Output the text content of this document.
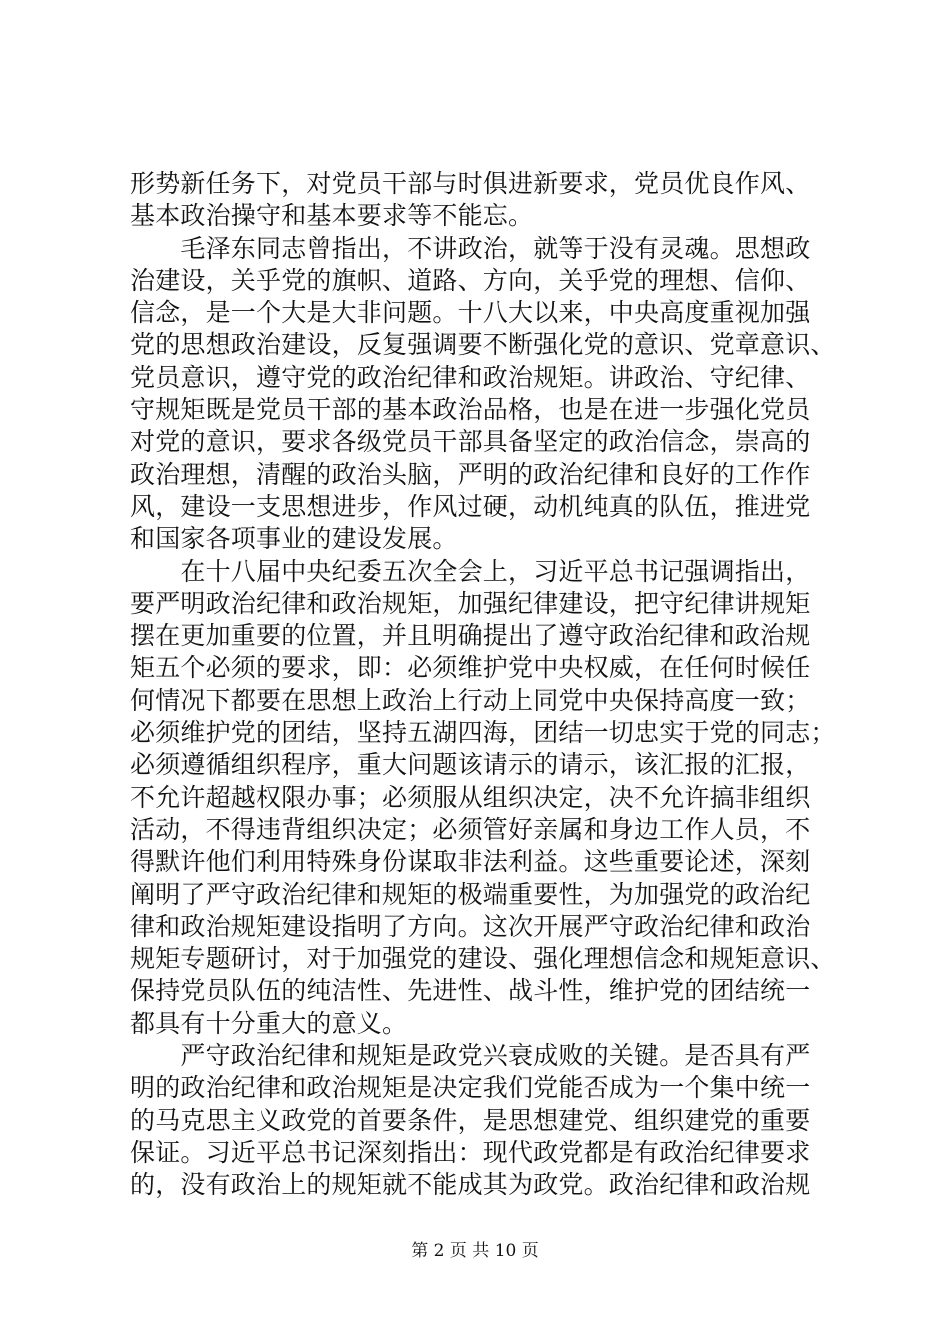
形势新任务下，对党员干部与时俱进新要求，党员优良作风、
基本政治操守和基本要求等不能忘。
　　毛泽东同志曾指出，不讲政治，就等于没有灵魂。思想政
治建设，关乎党的旗帜、道路、方向，关乎党的理想、信仰、
信念，是一个大是大非问题。十八大以来，中央高度重视加强
党的思想政治建设，反复强调要不断强化党的意识、党章意识、
党员意识，遵守党的政治纪律和政治规矩。讲政治、守纪律、
守规矩既是党员干部的基本政治品格，也是在进一步强化党员
对党的意识，要求各级党员干部具备坚定的政治信念，崇高的
政治理想，清醒的政治头脑，严明的政治纪律和良好的工作作
风，建设一支思想进步，作风过硬，动机纯真的队伍，推进党
和国家各项事业的建设发展。
　　在十八届中央纪委五次全会上，习近平总书记强调指出，
要严明政治纪律和政治规矩，加强纪律建设，把守纪律讲规矩
摆在更加重要的位置，并且明确提出了遵守政治纪律和政治规
矩五个必须的要求，即：必须维护党中央权威，在任何时候任
何情况下都要在思想上政治上行动上同党中央保持高度一致；
必须维护党的团结，坚持五湖四海，团结一切忠实于党的同志；
必须遵循组织程序，重大问题该请示的请示，该汇报的汇报，
不允许超越权限办事；必须服从组织决定，决不允许搞非组织
活动，不得违背组织决定；必须管好亲属和身边工作人员，不
得默许他们利用特殊身份谋取非法利益。这些重要论述，深刻
阐明了严守政治纪律和规矩的极端重要性，为加强党的政治纪
律和政治规矩建设指明了方向。这次开展严守政治纪律和政治
规矩专题研讨，对于加强党的建设、强化理想信念和规矩意识、
保持党员队伍的纯洁性、先进性、战斗性，维护党的团结统一
都具有十分重大的意义。
　　严守政治纪律和规矩是政党兴衰成败的关键。是否具有严
明的政治纪律和政治规矩是决定我们党能否成为一个集中统一
的马克思主义政党的首要条件，是思想建党、组织建党的重要
保证。习近平总书记深刻指出：现代政党都是有政治纪律要求
的，没有政治上的规矩就不能成其为政党。政治纪律和政治规
第 2 页 共 10 页
